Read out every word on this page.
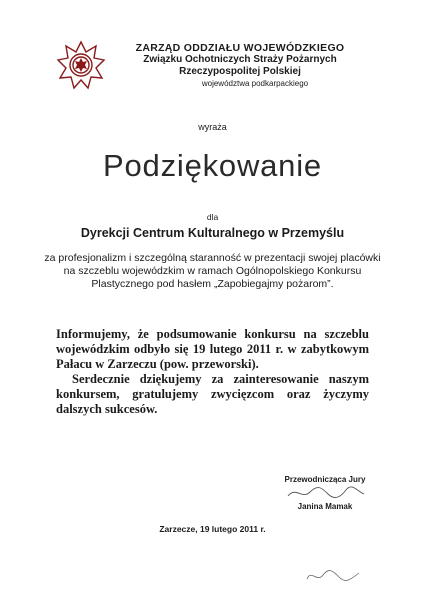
ZARZĄD ODDZIAŁU WOJEWÓDZKIEGO
Związku Ochotniczych Straży Pożarnych
Rzeczypospolitej Polskiej
województwa podkarpackiego
wyraża
Podziękowanie
dla
Dyrekcji Centrum Kulturalnego w Przemyślu
za profesjonalizm i szczególną staranność w prezentacji swojej placówki na szczeblu wojewódzkim w ramach Ogólnopolskiego Konkursu Plastycznego pod hasłem „Zapobiegajmy pożarom”.

Informujemy, że podsumowanie konkursu na szczeblu wojewódzkim odbyło się 19 lutego 2011 r. w zabytkowym Pałacu w Zarzeczu (pow. przeworski).

Serdecznie dziękujemy za zainteresowanie naszym konkursem, gratulujemy zwycięzcom oraz życzymy dalszych sukcesów.

Przewodnicząca Jury
Janina Mamak
Zarzecze, 19 lutego 2011 r.
